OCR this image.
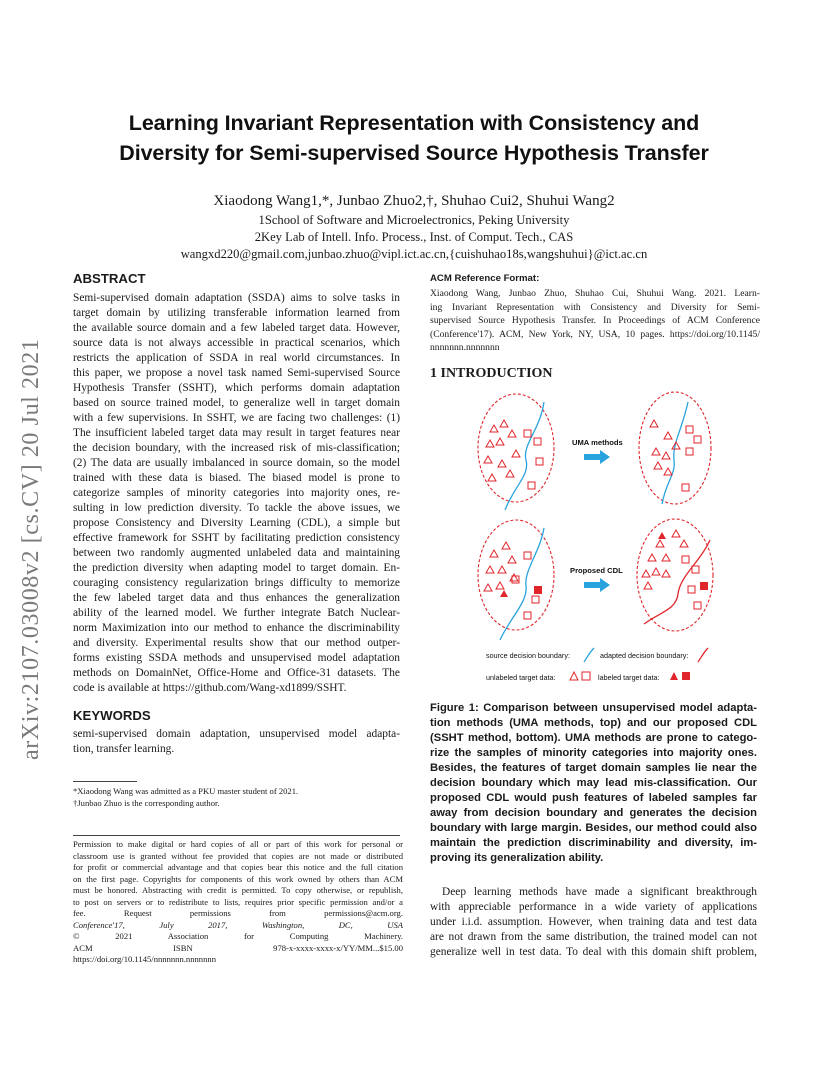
arXiv:2107.03008v2 [cs.CV] 20 Jul 2021
Learning Invariant Representation with Consistency and
Diversity for Semi-supervised Source Hypothesis Transfer
Xiaodong Wang1,*, Junbao Zhuo2,†, Shuhao Cui2, Shuhui Wang2
1School of Software and Microelectronics, Peking University
2Key Lab of Intell. Info. Process., Inst. of Comput. Tech., CAS
wangxd220@gmail.com,junbao.zhuo@vipl.ict.ac.cn,{cuishuhao18s,wangshuhui}@ict.ac.cn
ABSTRACT
Semi-supervised domain adaptation (SSDA) aims to solve tasks in
target domain by utilizing transferable information learned from
the available source domain and a few labeled target data. However,
source data is not always accessible in practical scenarios, which
restricts the application of SSDA in real world circumstances. In
this paper, we propose a novel task named Semi-supervised Source
Hypothesis Transfer (SSHT), which performs domain adaptation
based on source trained model, to generalize well in target domain
with a few supervisions. In SSHT, we are facing two challenges: (1)
The insufficient labeled target data may result in target features near
the decision boundary, with the increased risk of mis-classification;
(2) The data are usually imbalanced in source domain, so the model
trained with these data is biased. The biased model is prone to
categorize samples of minority categories into majority ones, re-
sulting in low prediction diversity. To tackle the above issues, we
propose Consistency and Diversity Learning (CDL), a simple but
effective framework for SSHT by facilitating prediction consistency
between two randomly augmented unlabeled data and maintaining
the prediction diversity when adapting model to target domain. En-
couraging consistency regularization brings difficulty to memorize
the few labeled target data and thus enhances the generalization
ability of the learned model. We further integrate Batch Nuclear-
norm Maximization into our method to enhance the discriminability
and diversity. Experimental results show that our method outper-
forms existing SSDA methods and unsupervised model adaptation
methods on DomainNet, Office-Home and Office-31 datasets. The
code is available at https://github.com/Wang-xd1899/SSHT.
KEYWORDS
semi-supervised domain adaptation, unsupervised model adapta-
tion, transfer learning.
*Xiaodong Wang was admitted as a PKU master student of 2021.
†Junbao Zhuo is the corresponding author.
Permission to make digital or hard copies of all or part of this work for personal or
classroom use is granted without fee provided that copies are not made or distributed
for profit or commercial advantage and that copies bear this notice and the full citation
on the first page. Copyrights for components of this work owned by others than ACM
must be honored. Abstracting with credit is permitted. To copy otherwise, or republish,
to post on servers or to redistribute to lists, requires prior specific permission and/or a
fee. Request permissions from permissions@acm.org.
Conference'17, July 2017, Washington, DC, USA
© 2021 Association for Computing Machinery.
ACM ISBN 978-x-xxxx-xxxx-x/YY/MM...$15.00
https://doi.org/10.1145/nnnnnnn.nnnnnnn
ACM Reference Format:
Xiaodong Wang, Junbao Zhuo, Shuhao Cui, Shuhui Wang. 2021. Learn-
ing Invariant Representation with Consistency and Diversity for Semi-
supervised Source Hypothesis Transfer. In Proceedings of ACM Conference
(Conference'17). ACM, New York, NY, USA, 10 pages. https://doi.org/10.1145/
nnnnnnn.nnnnnnn
1 INTRODUCTION
UMA methods
Proposed CDL
source decision boundary:	adapted decision boundary:
unlabeled target data:	labeled target data:
Figure 1: Comparison between unsupervised model adapta-
tion methods (UMA methods, top) and our proposed CDL
(SSHT method, bottom). UMA methods are prone to catego-
rize the samples of minority categories into majority ones.
Besides, the features of target domain samples lie near the
decision boundary which may lead mis-classification. Our
proposed CDL would push features of labeled samples far
away from decision boundary and generates the decision
boundary with large margin. Besides, our method could also
maintain the prediction discriminability and diversity, im-
proving its generalization ability.
Deep learning methods have made a significant breakthrough
with appreciable performance in a wide variety of applications
under i.i.d. assumption. However, when training data and test data
are not drawn from the same distribution, the trained model can not
generalize well in test data. To deal with this domain shift problem,
